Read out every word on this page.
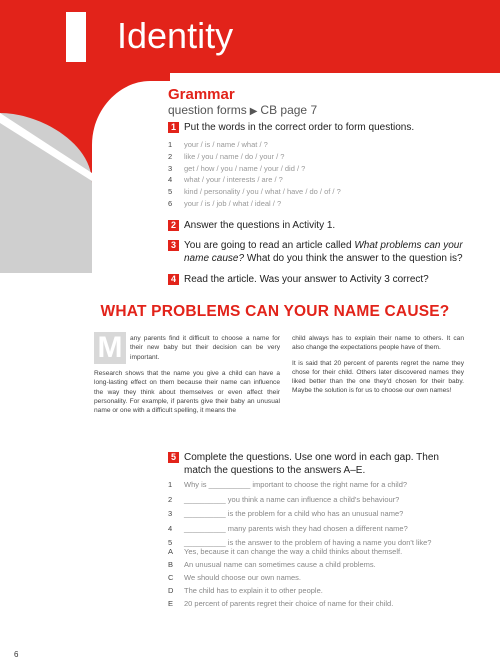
Identity
Grammar
question forms ▶ CB page 7
1 Put the words in the correct order to form questions.
1 your / is / name / what / ?
2 like / you / name / do / your / ?
3 get / how / you / name / your / did / ?
4 what / your / interests / are / ?
5 kind / personality / you / what / have / do / of / ?
6 your / is / job / what / ideal / ?
2 Answer the questions in Activity 1.
3 You are going to read an article called What problems can your name cause? What do you think the answer to the question is?
4 Read the article. Was your answer to Activity 3 correct?
WHAT PROBLEMS CAN YOUR NAME CAUSE?
M	any parents find it difficult to choose a name for their new baby but their decision can be very important.

Research shows that the name you give a child can have a long-lasting effect on them because their name can influence the way they think about themselves or even affect their personality. For example, if parents give their baby an unusual name or one with a difficult spelling, it means the

child always has to explain their name to others. It can also change the expectations people have of them.

It is said that 20 percent of parents regret the name they chose for their child. Others later discovered names they liked better than the one they'd chosen for their baby. Maybe the solution is for us to choose our own names!

5 Complete the questions. Use one word in each gap. Then match the questions to the answers A–E.
1 Why is __________ important to choose the right name for a child?
2 __________ you think a name can influence a child's behaviour?
3 __________ is the problem for a child who has an unusual name?
4 __________ many parents wish they had chosen a different name?
5 __________ is the answer to the problem of having a name you don't like?
A Yes, because it can change the way a child thinks about themself.
B An unusual name can sometimes cause a child problems.
C We should choose our own names.
D The child has to explain it to other people.
E 20 percent of parents regret their choice of name for their child.
6
